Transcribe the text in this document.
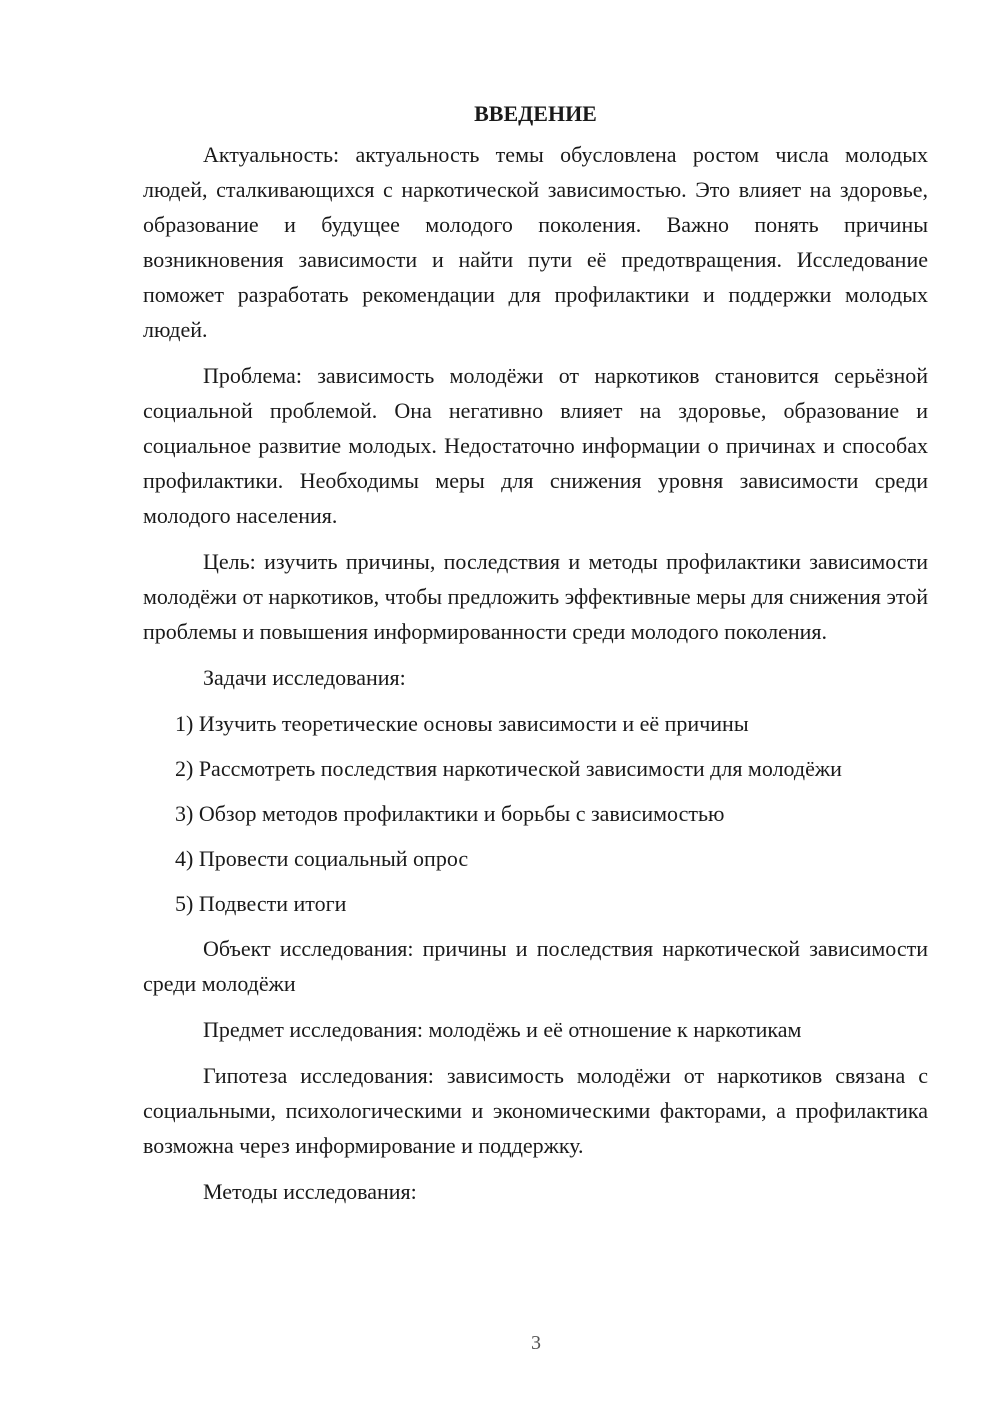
ВВЕДЕНИЕ

Актуальность: актуальность темы обусловлена ростом числа молодых людей, сталкивающихся с наркотической зависимостью. Это влияет на здоровье, образование и будущее молодого поколения. Важно понять причины возникновения зависимости и найти пути её предотвращения. Исследование поможет разработать рекомендации для профилактики и поддержки молодых людей.

Проблема: зависимость молодёжи от наркотиков становится серьёзной социальной проблемой. Она негативно влияет на здоровье, образование и социальное развитие молодых. Недостаточно информации о причинах и способах профилактики. Необходимы меры для снижения уровня зависимости среди молодого населения.

Цель: изучить причины, последствия и методы профилактики зависимости молодёжи от наркотиков, чтобы предложить эффективные меры для снижения этой проблемы и повышения информированности среди молодого поколения.

Задачи исследования:

1) Изучить теоретические основы зависимости и её причины

2) Рассмотреть последствия наркотической зависимости для молодёжи

3) Обзор методов профилактики и борьбы с зависимостью

4) Провести социальный опрос

5) Подвести итоги

Объект исследования: причины и последствия наркотической зависимости среди молодёжи

Предмет исследования: молодёжь и её отношение к наркотикам

Гипотеза исследования: зависимость молодёжи от наркотиков связана с социальными, психологическими и экономическими факторами, а профилактика возможна через информирование и поддержку.

Методы исследования:

3
